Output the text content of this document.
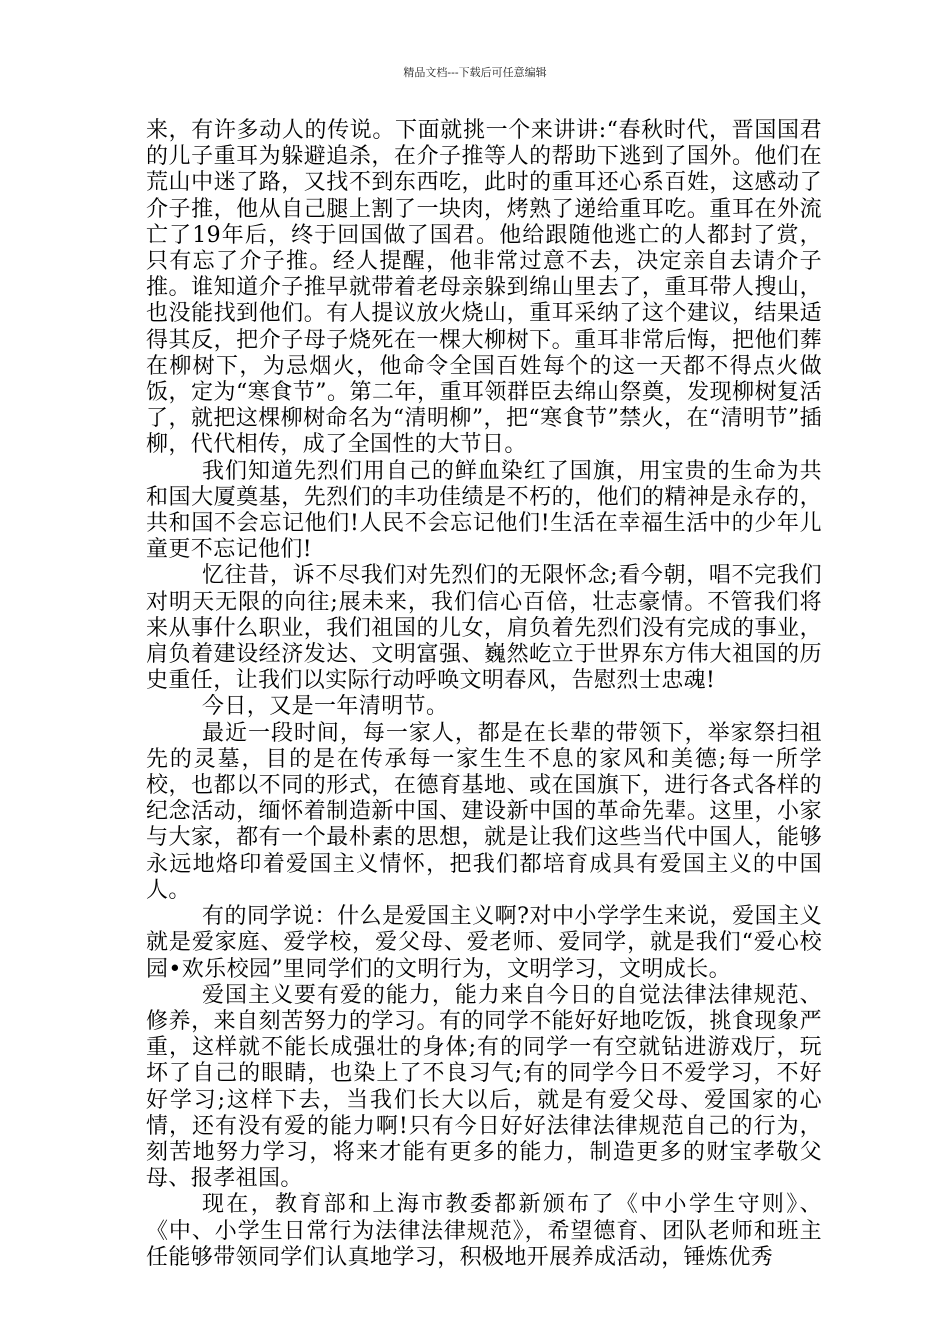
精品文档---下载后可任意编辑

来，有许多动人的传说。下面就挑一个来讲讲:“春秋时代，晋国国君的儿子重耳为躲避追杀，在介子推等人的帮助下逃到了国外。他们在荒山中迷了路，又找不到东西吃，此时的重耳还心系百姓，这感动了介子推，他从自己腿上割了一块肉，烤熟了递给重耳吃。重耳在外流亡了19年后，终于回国做了国君。他给跟随他逃亡的人都封了赏，只有忘了介子推。经人提醒，他非常过意不去，决定亲自去请介子推。谁知道介子推早就带着老母亲躲到绵山里去了，重耳带人搜山，也没能找到他们。有人提议放火烧山，重耳采纳了这个建议，结果适得其反，把介子母子烧死在一棵大柳树下。重耳非常后悔，把他们葬在柳树下，为忌烟火，他命令全国百姓每个的这一天都不得点火做饭，定为“寒食节”。第二年，重耳领群臣去绵山祭奠，发现柳树复活了，就把这棵柳树命名为“清明柳”，把“寒食节”禁火，在“清明节”插柳，代代相传，成了全国性的大节日。

我们知道先烈们用自己的鲜血染红了国旗，用宝贵的生命为共和国大厦奠基，先烈们的丰功佳绩是不朽的，他们的精神是永存的，共和国不会忘记他们!人民不会忘记他们!生活在幸福生活中的少年儿童更不忘记他们!

忆往昔，诉不尽我们对先烈们的无限怀念;看今朝，唱不完我们对明天无限的向往;展未来，我们信心百倍，壮志豪情。不管我们将来从事什么职业，我们祖国的儿女，肩负着先烈们没有完成的事业，肩负着建设经济发达、文明富强、巍然屹立于世界东方伟大祖国的历史重任，让我们以实际行动呼唤文明春风，告慰烈士忠魂!

今日，又是一年清明节。

最近一段时间，每一家人，都是在长辈的带领下，举家祭扫祖先的灵墓，目的是在传承每一家生生不息的家风和美德;每一所学校，也都以不同的形式，在德育基地、或在国旗下，进行各式各样的纪念活动，缅怀着制造新中国、建设新中国的革命先辈。这里，小家与大家，都有一个最朴素的思想，就是让我们这些当代中国人，能够永远地烙印着爱国主义情怀，把我们都培育成具有爱国主义的中国人。

有的同学说：什么是爱国主义啊?对中小学学生来说，爱国主义就是爱家庭、爱学校，爱父母、爱老师、爱同学，就是我们“爱心校园•欢乐校园”里同学们的文明行为，文明学习，文明成长。

爱国主义要有爱的能力，能力来自今日的自觉法律法律规范、修养，来自刻苦努力的学习。有的同学不能好好地吃饭，挑食现象严重，这样就不能长成强壮的身体;有的同学一有空就钻进游戏厅，玩坏了自己的眼睛，也染上了不良习气;有的同学今日不爱学习，不好好学习;这样下去，当我们长大以后，就是有爱父母、爱国家的心情，还有没有爱的能力啊!只有今日好好法律法律规范自己的行为，刻苦地努力学习，将来才能有更多的能力，制造更多的财宝孝敬父母、报孝祖国。

现在，教育部和上海市教委都新颁布了《中小学生守则》、《中、小学生日常行为法律法律规范》，希望德育、团队老师和班主任能够带领同学们认真地学习，积极地开展养成活动，锤炼优秀
